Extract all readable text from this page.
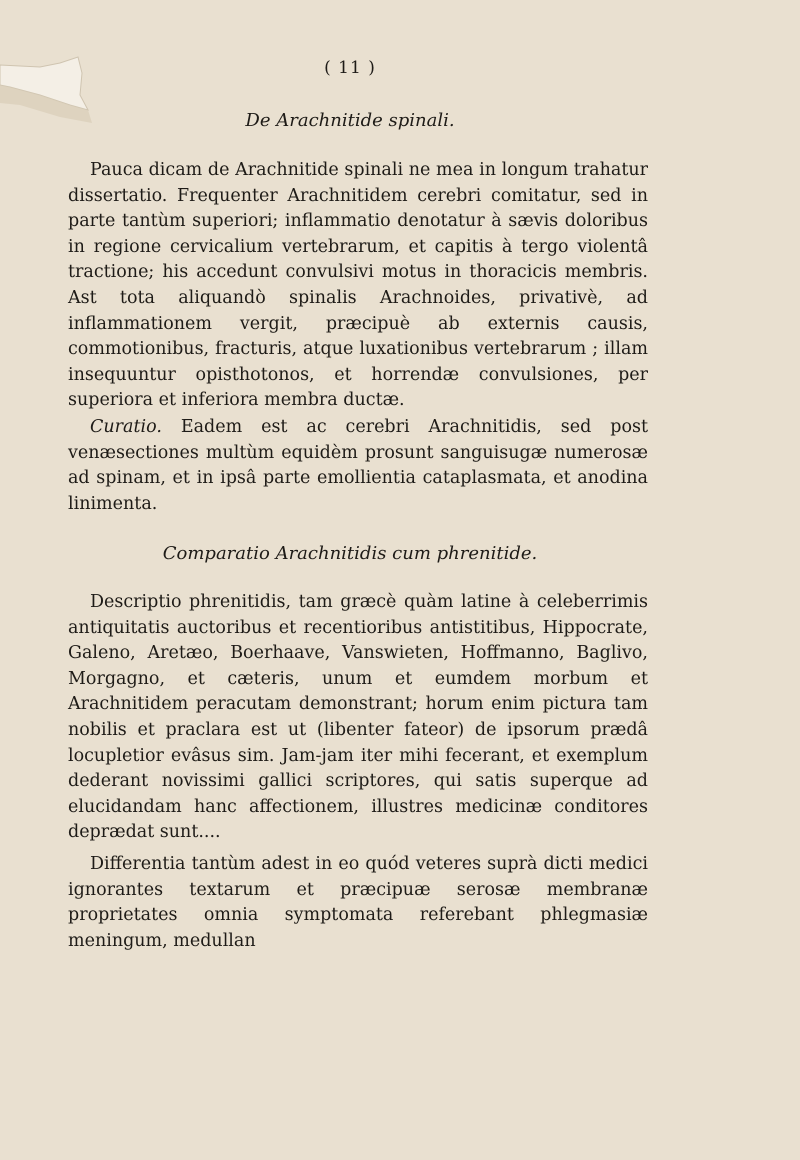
( 11 )
De Arachnitide spinali.
Pauca dicam de Arachnitide spinali ne mea in longum trahatur dissertatio. Frequenter Arachnitidem cerebri comitatur, sed in parte tantùm superiori; inflammatio denotatur à sævis doloribus in regione cervicalium vertebrarum, et capitis à tergo violentâ tractione; his accedunt convulsivi motus in thoracicis membris. Ast tota aliquandò spinalis Arachnoides, privativè, ad inflammationem vergit, præcipuè ab externis causis, commotionibus, fracturis, atque luxationibus vertebrarum ; illam insequuntur opisthotonos, et horrendæ convulsiones, per superiora et inferiora membra ductæ.
Curatio. Eadem est ac cerebri Arachnitidis, sed post venæsectiones multùm equidèm prosunt sanguisugæ numerosæ ad spinam, et in ipsâ parte emollientia cataplasmata, et anodina linimenta.
Comparatio Arachnitidis cum phrenitide.
Descriptio phrenitidis, tam græcè quàm latine à celeberrimis antiquitatis auctoribus et recentioribus antistitibus, Hippocrate, Galeno, Aretæo, Boerhaave, Vanswieten, Hoffmanno, Baglivo, Morgagno, et cæteris, unum et eumdem morbum et Arachnitidem peracutam demonstrant; horum enim pictura tam nobilis et praclara est ut (libenter fateor) de ipsorum prædâ locupletior evâsus sim. Jam-jam iter mihi fecerant, et exemplum dederant novissimi gallici scriptores, qui satis superque ad elucidandam hanc affectionem, illustres medicinæ conditores deprædat sunt....
Differentia tantùm adest in eo quód veteres suprà dicti medici ignorantes textarum et præcipuæ serosæ membranæ proprietates omnia symptomata referebant phlegmasiæ meningum, medullan
